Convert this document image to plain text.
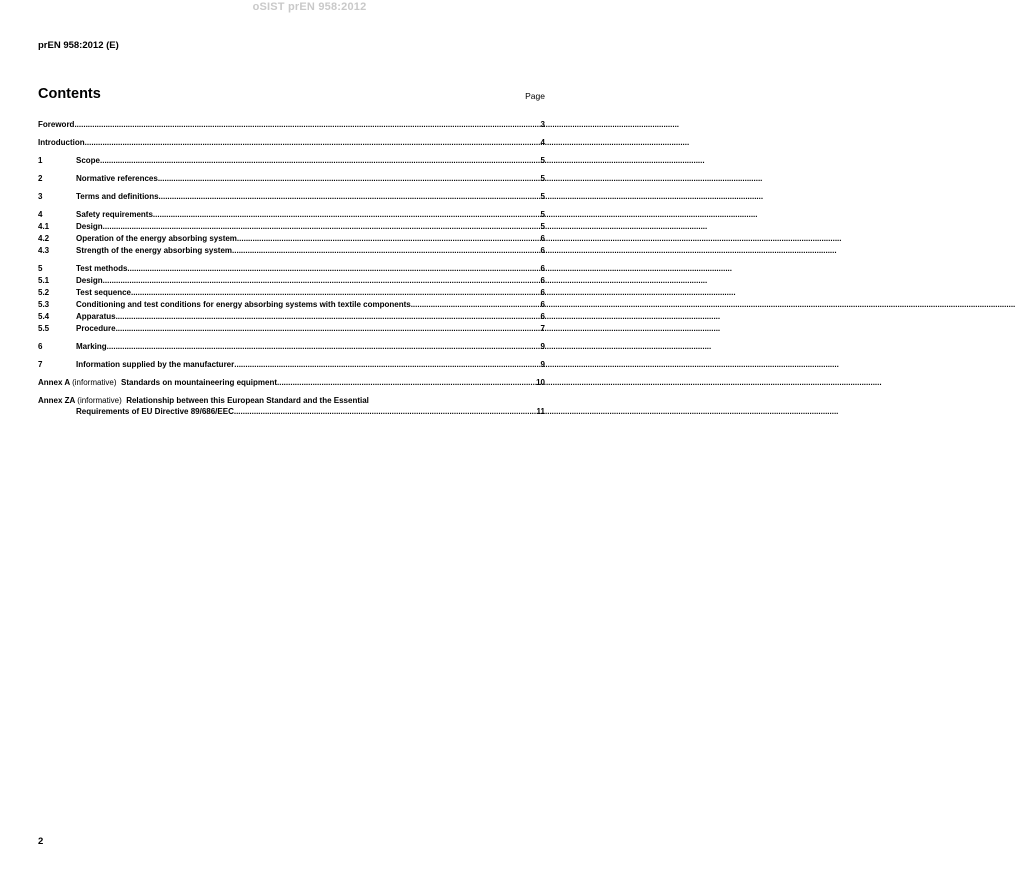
oSIST prEN 958:2012
prEN 958:2012 (E)
Contents	Page
Foreword .....	3
Introduction .....	4
1	Scope .....	5
2	Normative references .....	5
3	Terms and definitions .....	5
4	Safety requirements .....	5
4.1	Design .....	5
4.2	Operation of the energy absorbing system .....	6
4.3	Strength of the energy absorbing system .....	6
5	Test methods .....	6
5.1	Design .....	6
5.2	Test sequence .....	6
5.3	Conditioning and test conditions for energy absorbing systems with textile components .....	6
5.4	Apparatus .....	6
5.5	Procedure .....	7
6	Marking .....	9
7	Information supplied by the manufacturer .....	9
Annex A (informative) Standards on mountaineering equipment .....	10
Annex ZA (informative) Relationship between this European Standard and the Essential
Requirements of EU Directive 89/686/EEC .....	11
2
